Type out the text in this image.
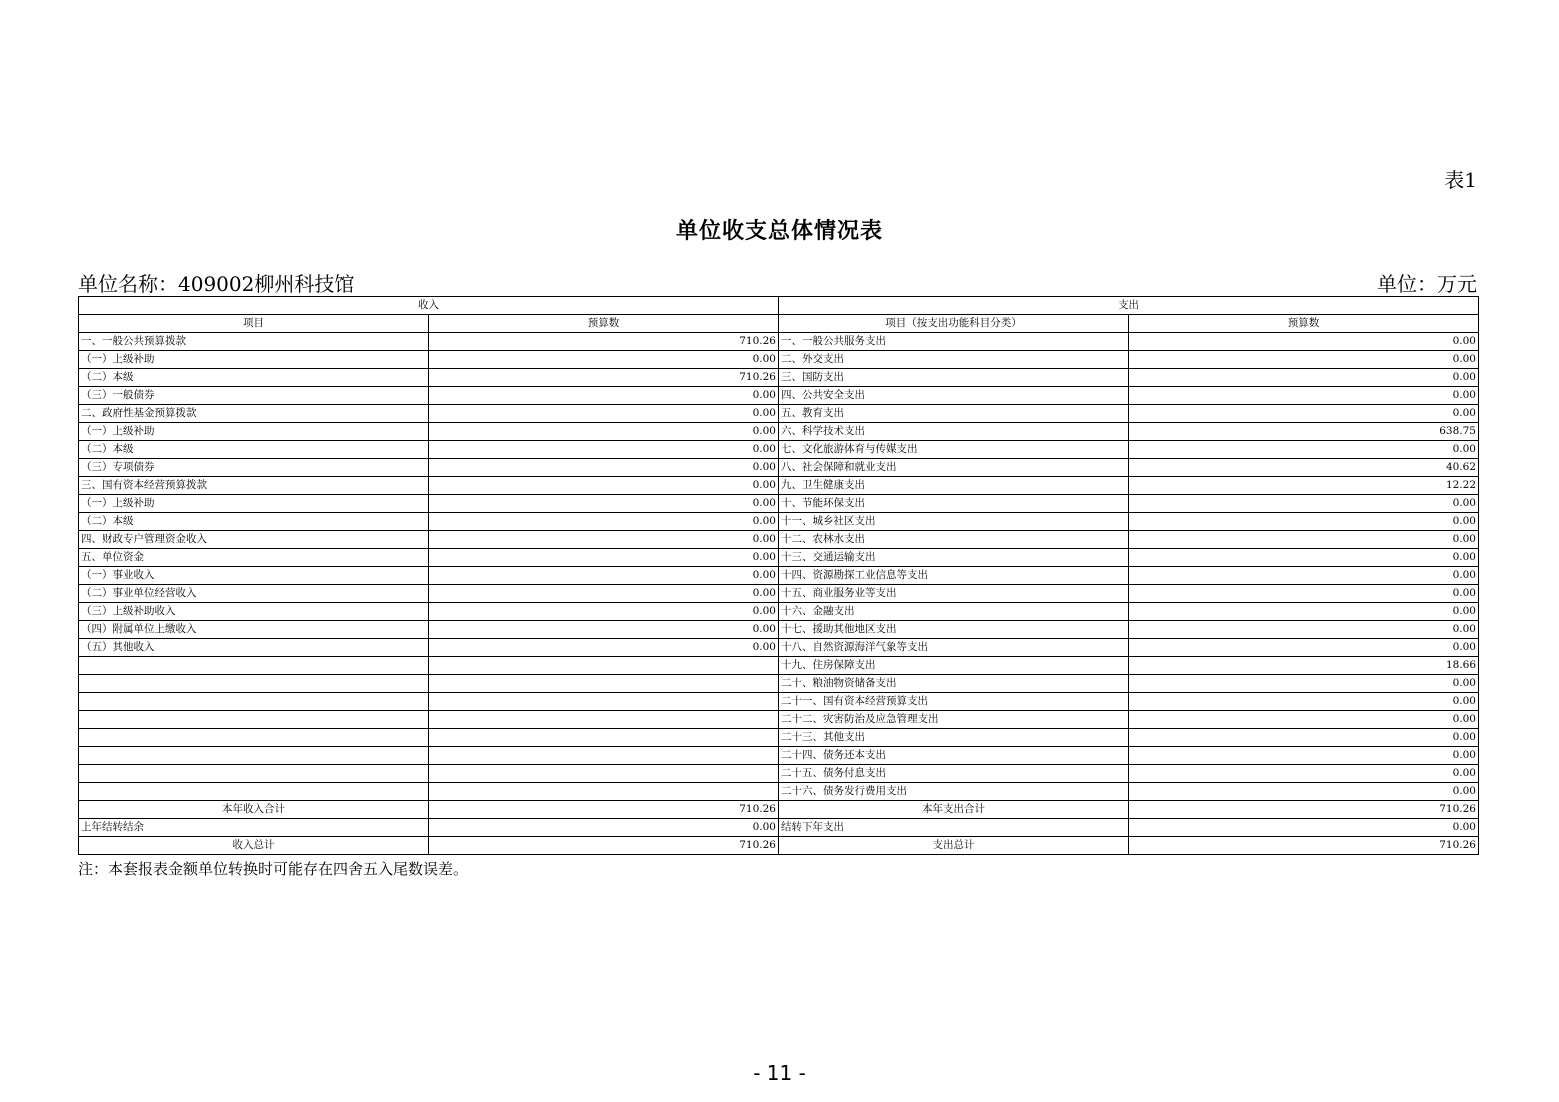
表1
单位收支总体情况表
单位名称：409002柳州科技馆	单位：万元
收入		支出	
项目	预算数	项目（按支出功能科目分类）	预算数
一、一般公共预算拨款	710.26	一、一般公共服务支出	0.00
（一）上级补助	0.00	二、外交支出	0.00
（二）本级	710.26	三、国防支出	0.00
（三）一般债券	0.00	四、公共安全支出	0.00
二、政府性基金预算拨款	0.00	五、教育支出	0.00
（一）上级补助	0.00	六、科学技术支出	638.75
（二）本级	0.00	七、文化旅游体育与传媒支出	0.00
（三）专项债券	0.00	八、社会保障和就业支出	40.62
三、国有资本经营预算拨款	0.00	九、卫生健康支出	12.22
（一）上级补助	0.00	十、节能环保支出	0.00
（二）本级	0.00	十一、城乡社区支出	0.00
四、财政专户管理资金收入	0.00	十二、农林水支出	0.00
五、单位资金	0.00	十三、交通运输支出	0.00
（一）事业收入	0.00	十四、资源勘探工业信息等支出	0.00
（二）事业单位经营收入	0.00	十五、商业服务业等支出	0.00
（三）上级补助收入	0.00	十六、金融支出	0.00
（四）附属单位上缴收入	0.00	十七、援助其他地区支出	0.00
（五）其他收入	0.00	十八、自然资源海洋气象等支出	0.00
		十九、住房保障支出	18.66
		二十、粮油物资储备支出	0.00
		二十一、国有资本经营预算支出	0.00
		二十二、灾害防治及应急管理支出	0.00
		二十三、其他支出	0.00
		二十四、债务还本支出	0.00
		二十五、债务付息支出	0.00
		二十六、债务发行费用支出	0.00
本年收入合计	710.26	本年支出合计	710.26
上年结转结余	0.00	结转下年支出	0.00
收入总计	710.26	支出总计	710.26
注：本套报表金额单位转换时可能存在四舍五入尾数误差。
- 11 -
